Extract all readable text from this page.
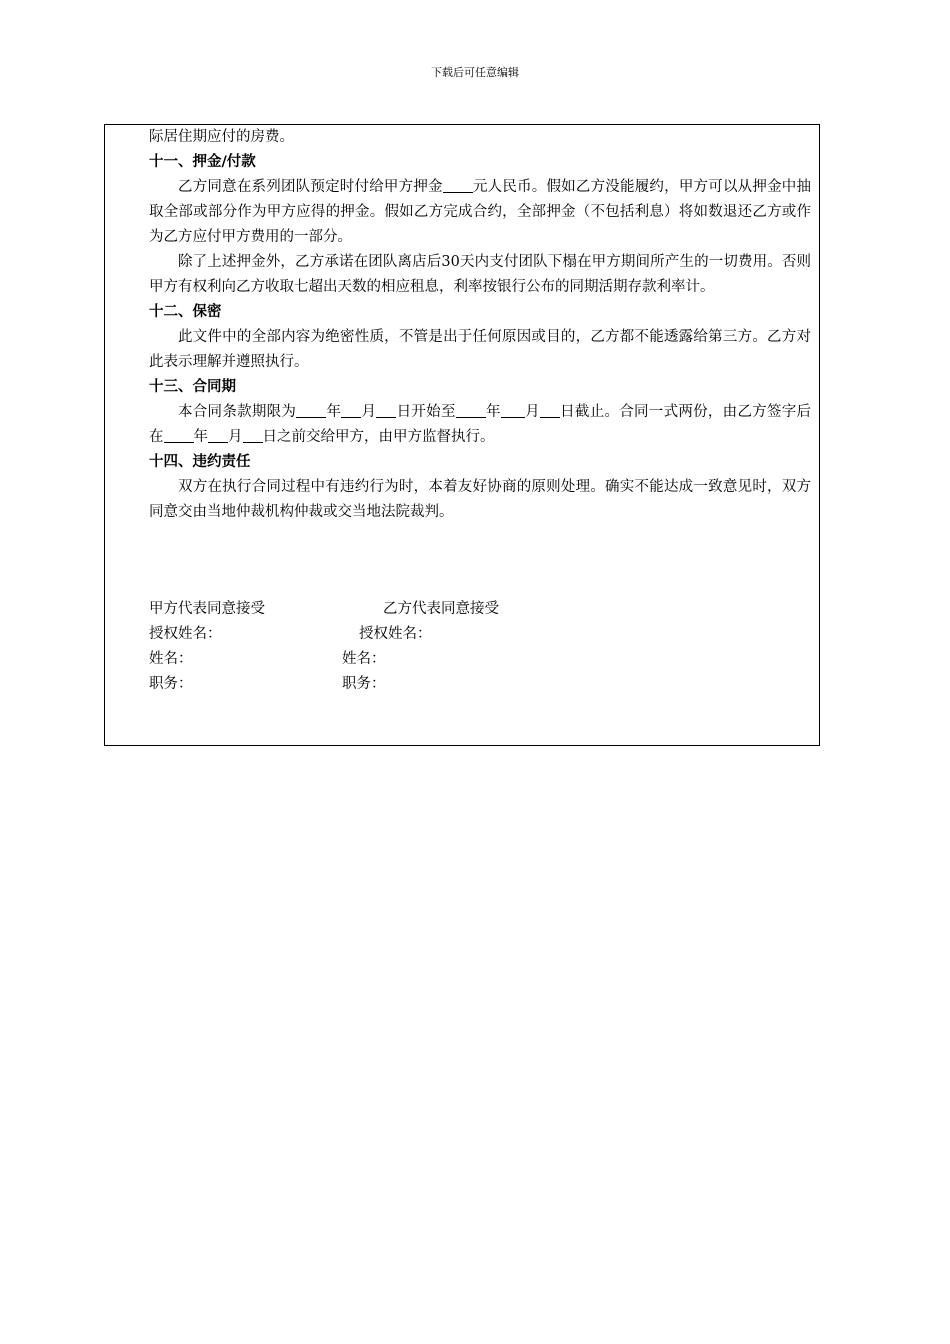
下载后可任意编辑

际居住期应付的房费。

十一、押金/付款

乙方同意在系列团队预定时付给甲方押金 元人民币。假如乙方没能履约，甲方可以从押金中抽取全部或部分作为甲方应得的押金。假如乙方完成合约，全部押金（不包括利息）将如数退还乙方或作为乙方应付甲方费用的一部分。

除了上述押金外，乙方承诺在团队离店后30天内支付团队下榻在甲方期间所产生的一切费用。否则甲方有权利向乙方收取七超出天数的相应租息，利率按银行公布的同期活期存款利率计。

十二、保密

此文件中的全部内容为绝密性质，不管是出于任何原因或目的，乙方都不能透露给第三方。乙方对此表示理解并遵照执行。

十三、合同期

本合同条款期限为 年 月 日开始至 年 月 日截止。合同一式两份，由乙方签字后在 年 月 日之前交给甲方，由甲方监督执行。

十四、违约责任

双方在执行合同过程中有违约行为时，本着友好协商的原则处理。确实不能达成一致意见时，双方同意交由当地仲裁机构仲裁或交当地法院裁判。

甲方代表同意接受	乙方代表同意接受
授权姓名：	授权姓名：
姓名：	姓名：
职务：	职务：
